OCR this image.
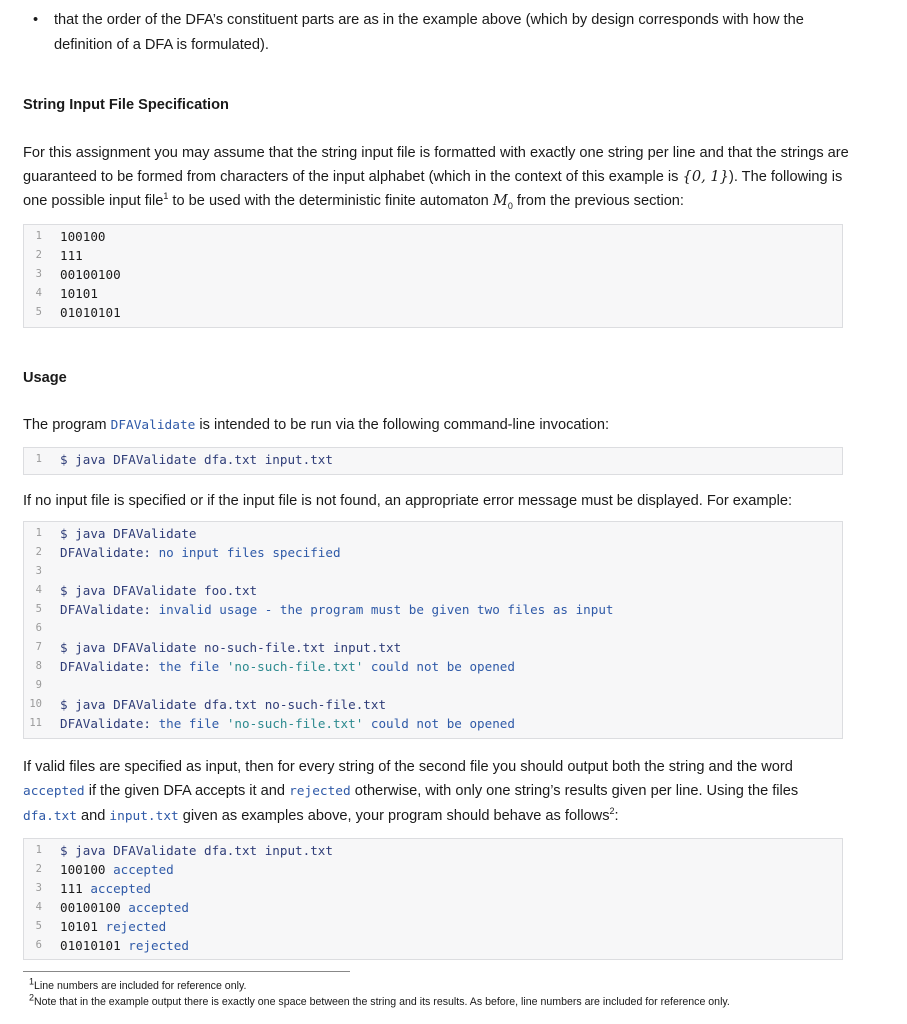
• that the order of the DFA’s constituent parts are as in the example above (which by design corresponds with how the
definition of a DFA is formulated).
String Input File Specification
For this assignment you may assume that the string input file is formatted with exactly one string per line and that the strings are guaranteed to be formed from characters of the input alphabet (which in the context of this example is {0, 1}). The following is one possible input file$^1$ to be used with the deterministic finite automaton $M_0$ from the previous section:
1 100100
2 111
3 00100100
4 10101
5 01010101
Usage
The program DFAValidate is intended to be run via the following command-line invocation:
1 $ java DFAValidate dfa.txt input.txt
If no input file is specified or if the input file is not found, an appropriate error message must be displayed. For example:
1 $ java DFAValidate
2 DFAValidate: no input files specified
3
4 $ java DFAValidate foo.txt
5 DFAValidate: invalid usage - the program must be given two files as input
6
7 $ java DFAValidate no-such-file.txt input.txt
8 DFAValidate: the file 'no-such-file.txt' could not be opened
9
10 $ java DFAValidate dfa.txt no-such-file.txt
11 DFAValidate: the file 'no-such-file.txt' could not be opened
If valid files are specified as input, then for every string of the second file you should output both the string and the word accepted if the given DFA accepts it and rejected otherwise, with only one string’s results given per line. Using the files dfa.txt and input.txt given as examples above, your program should behave as follows$^2$:
1 $ java DFAValidate dfa.txt input.txt
2 100100 accepted
3 111 accepted
4 00100100 accepted
5 10101 rejected
6 01010101 rejected
$^1$Line numbers are included for reference only.
$^2$Note that in the example output there is exactly one space between the string and its results. As before, line numbers are included for reference only.
